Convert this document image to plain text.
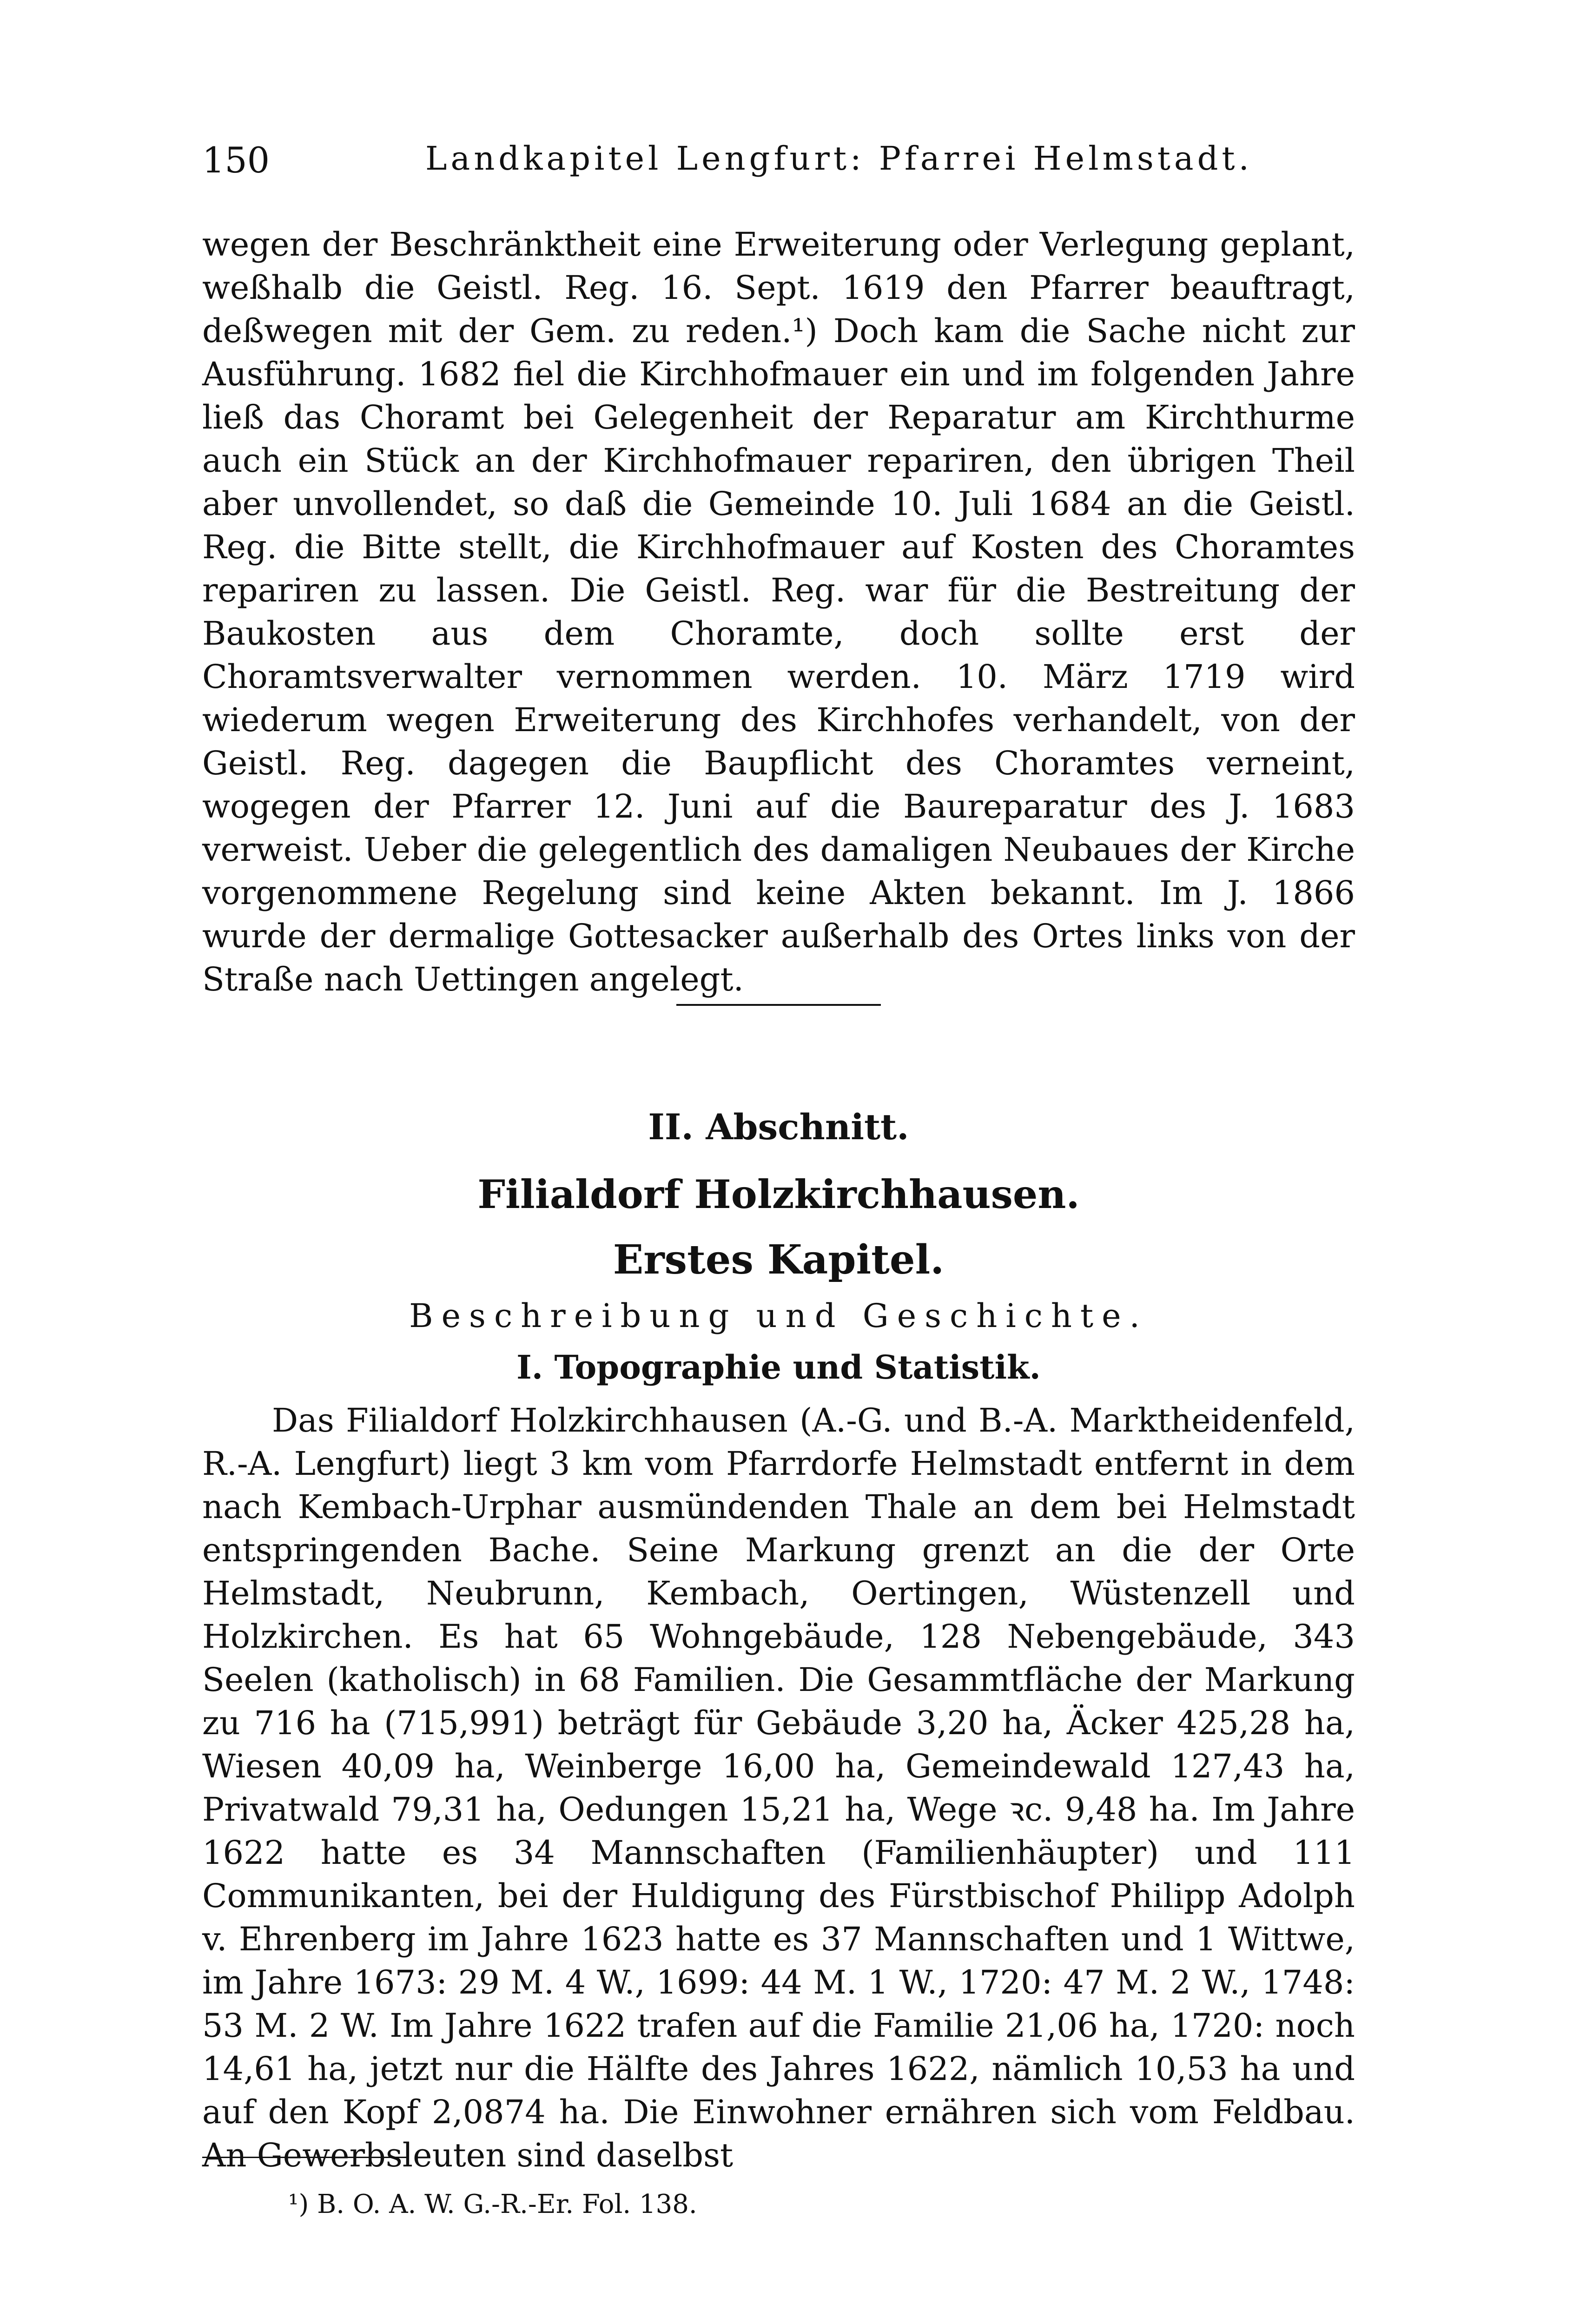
150	Landkapitel Lengfurt: Pfarrei Helmstadt.

wegen der Beschränktheit eine Erweiterung oder Verlegung geplant, weßhalb die Geistl. Reg. 16. Sept. 1619 den Pfarrer beauftragt, deßwegen mit der Gem. zu reden.¹) Doch kam die Sache nicht zur Ausführung. 1682 fiel die Kirchhofmauer ein und im folgenden Jahre ließ das Choramt bei Gelegenheit der Reparatur am Kirchthurme auch ein Stück an der Kirchhofmauer repariren, den übrigen Theil aber unvollendet, so daß die Gemeinde 10. Juli 1684 an die Geistl. Reg. die Bitte stellt, die Kirchhofmauer auf Kosten des Choramtes repariren zu lassen. Die Geistl. Reg. war für die Bestreitung der Baukosten aus dem Choramte, doch sollte erst der Choramtsverwalter vernommen werden. 10. März 1719 wird wiederum wegen Erweiterung des Kirchhofes verhandelt, von der Geistl. Reg. dagegen die Baupflicht des Choramtes verneint, wogegen der Pfarrer 12. Juni auf die Baureparatur des J. 1683 verweist. Ueber die gelegentlich des damaligen Neubaues der Kirche vorgenommene Regelung sind keine Akten bekannt. Im J. 1866 wurde der dermalige Gottesacker außerhalb des Ortes links von der Straße nach Uettingen angelegt.

II. Abschnitt.
Filialdorf Holzkirchhausen.
Erstes Kapitel.
Beschreibung und Geschichte.
I. Topographie und Statistik.

Das Filialdorf Holzkirchhausen (A.-G. und B.-A. Marktheidenfeld, R.-A. Lengfurt) liegt 3 km vom Pfarrdorfe Helmstadt entfernt in dem nach Kembach-Urphar ausmündenden Thale an dem bei Helmstadt entspringenden Bache. Seine Markung grenzt an die der Orte Helmstadt, Neubrunn, Kembach, Oertingen, Wüstenzell und Holzkirchen. Es hat 65 Wohngebäude, 128 Nebengebäude, 343 Seelen (katholisch) in 68 Familien. Die Gesammtfläche der Markung zu 716 ha (715,991) beträgt für Gebäude 3,20 ha, Äcker 425,28 ha, Wiesen 40,09 ha, Weinberge 16,00 ha, Gemeindewald 127,43 ha, Privatwald 79,31 ha, Oedungen 15,21 ha, Wege ꝛc. 9,48 ha. Im Jahre 1622 hatte es 34 Mannschaften (Familienhäupter) und 111 Communikanten, bei der Huldigung des Fürstbischof Philipp Adolph v. Ehrenberg im Jahre 1623 hatte es 37 Mannschaften und 1 Wittwe, im Jahre 1673: 29 M. 4 W., 1699: 44 M. 1 W., 1720: 47 M. 2 W., 1748: 53 M. 2 W. Im Jahre 1622 trafen auf die Familie 21,06 ha, 1720: noch 14,61 ha, jetzt nur die Hälfte des Jahres 1622, nämlich 10,53 ha und auf den Kopf 2,0874 ha. Die Einwohner ernähren sich vom Feldbau. An Gewerbsleuten sind daselbst

¹) B. O. A. W. G.-R.-Er. Fol. 138.
